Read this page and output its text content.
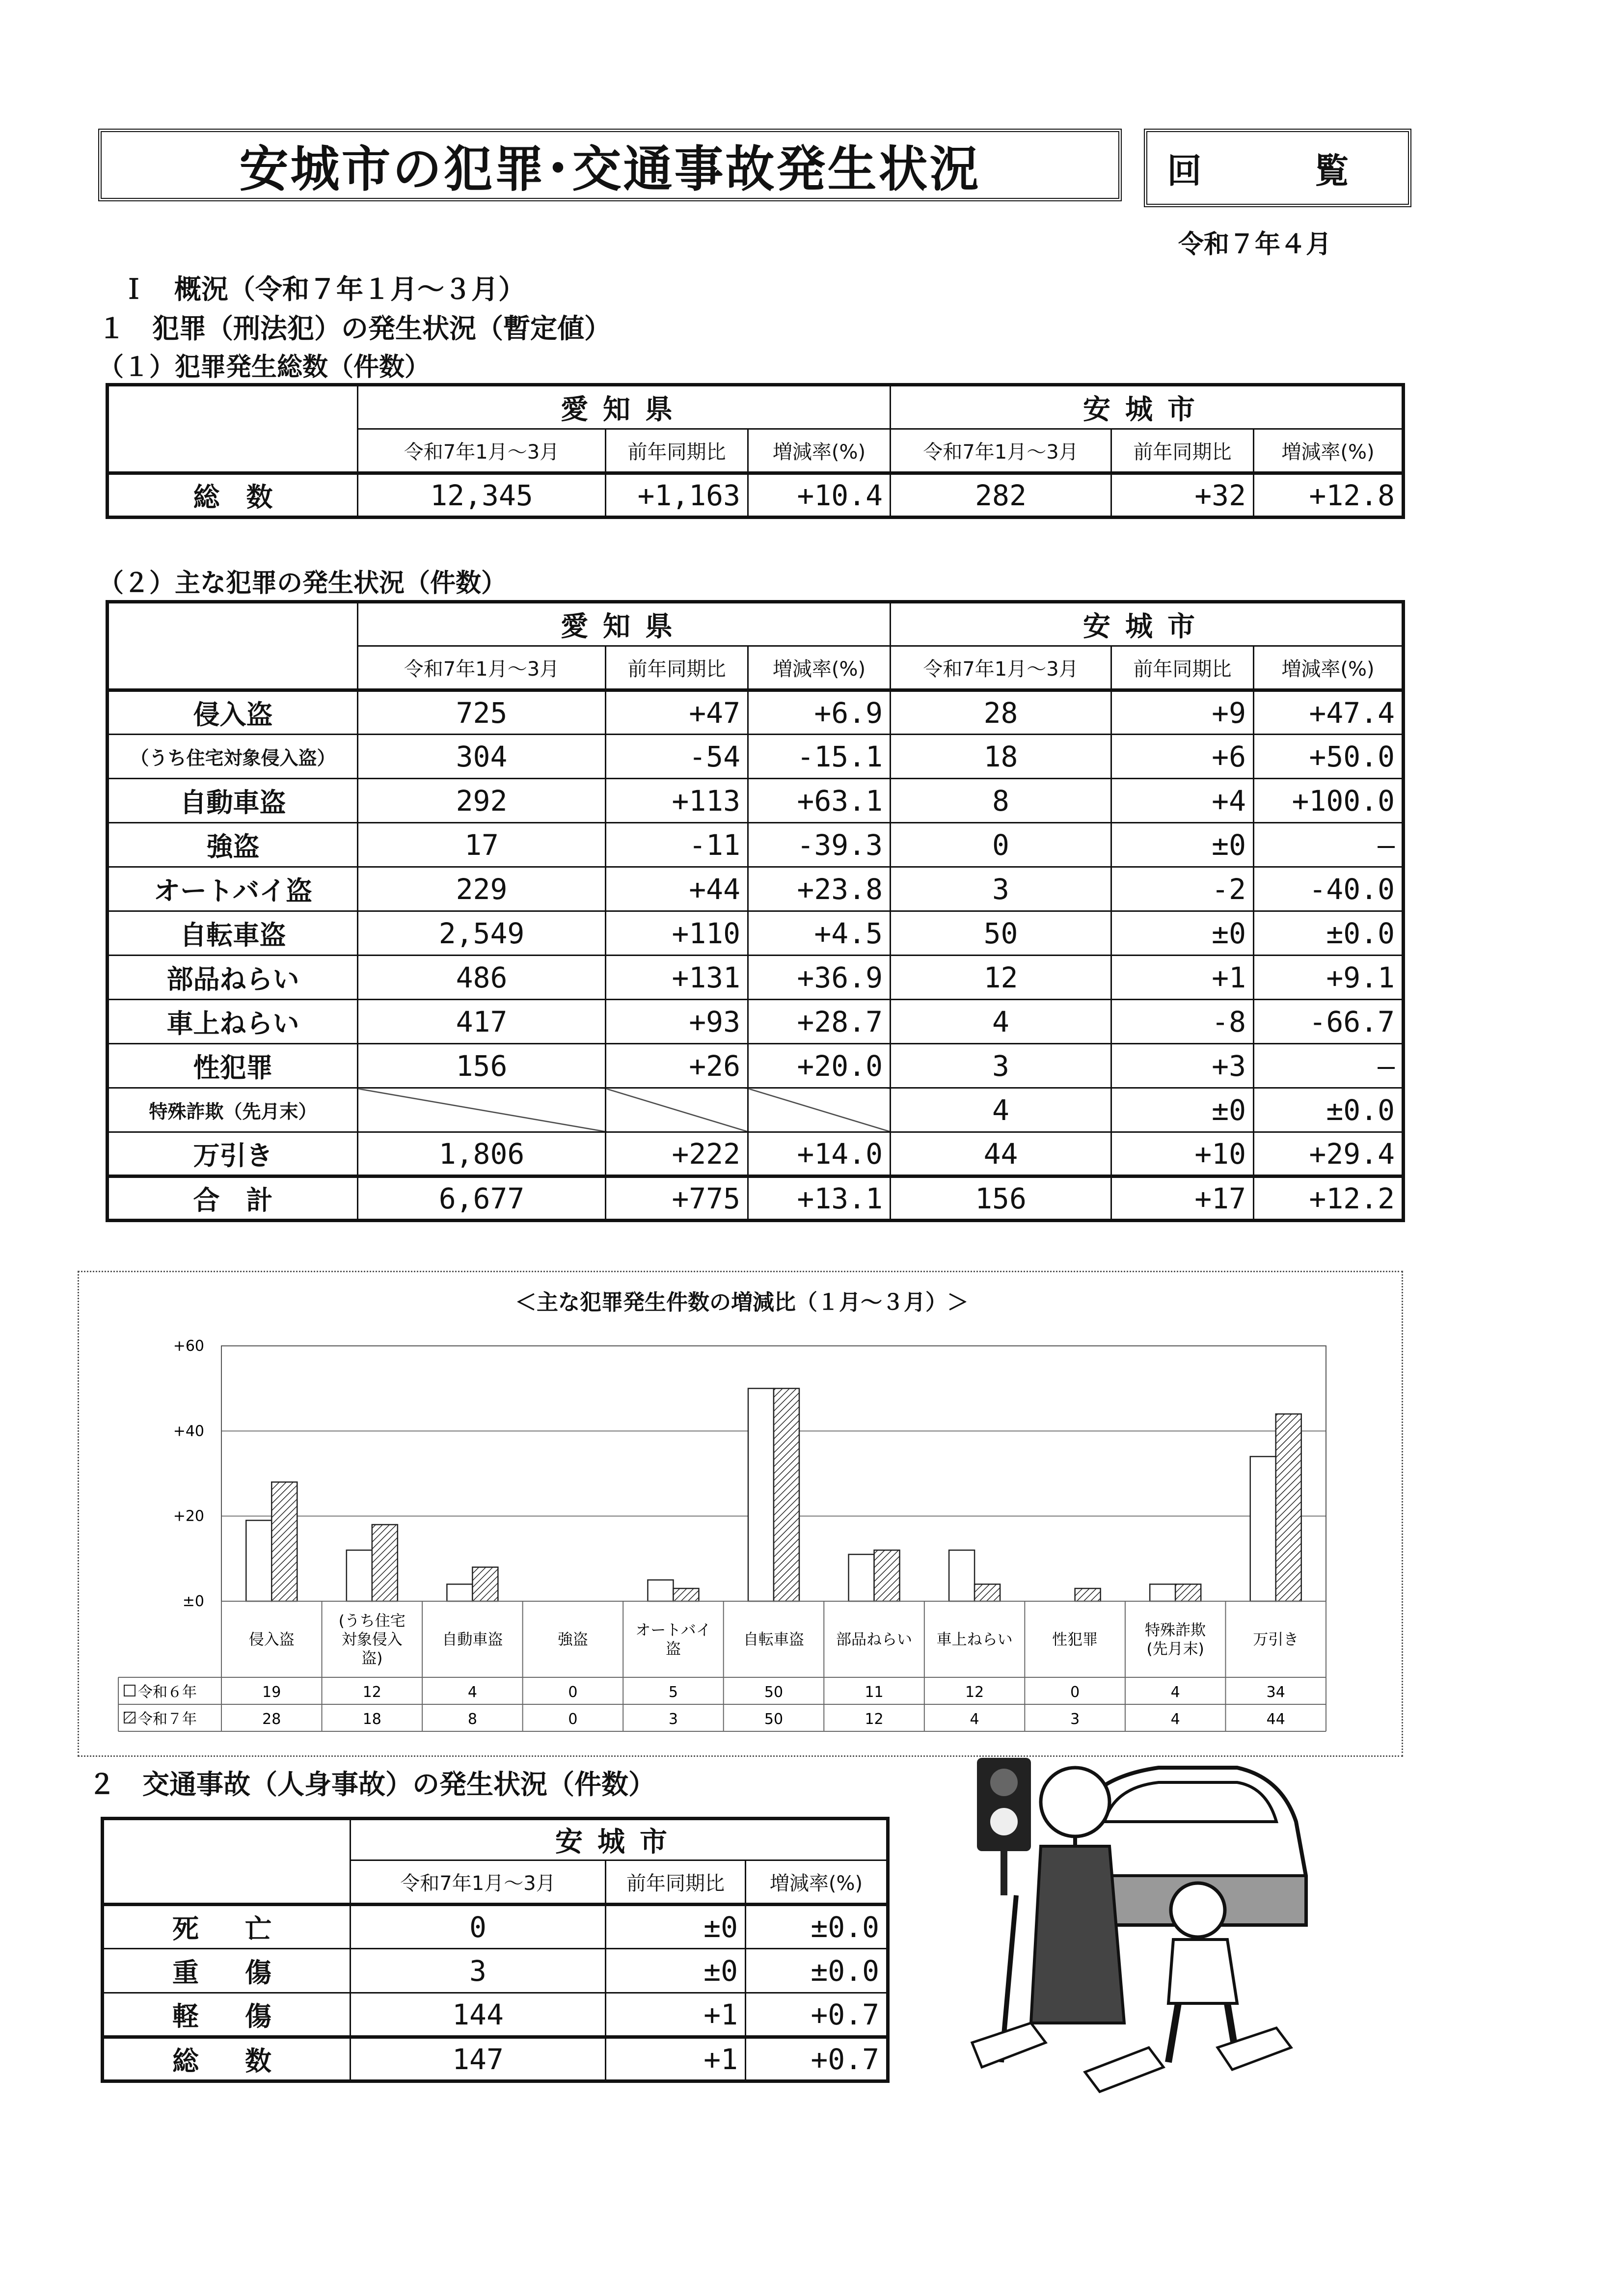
安城市の犯罪･交通事故発生状況	回　覧
令和７年４月
Ｉ　概況（令和７年１月～３月）
１　犯罪（刑法犯）の発生状況（暫定値）
（１）犯罪発生総数（件数）
	愛知県			安城市		
	令和7年1月～3月	前年同期比	増減率(%)	令和7年1月～3月	前年同期比	増減率(%)
総　数	12,345	+1,163	+10.4	282	+32	+12.8
（２）主な犯罪の発生状況（件数）
	愛知県			安城市		
	令和7年1月～3月	前年同期比	増減率(%)	令和7年1月～3月	前年同期比	増減率(%)
侵入盗	725	+47	+6.9	28	+9	+47.4
（うち住宅対象侵入盗）	304	-54	-15.1	18	+6	+50.0
自動車盗	292	+113	+63.1	8	+4	+100.0
強盗	17	-11	-39.3	0	±0	―
オートバイ盗	229	+44	+23.8	3	-2	-40.0
自転車盗	2,549	+110	+4.5	50	±0	±0.0
部品ねらい	486	+131	+36.9	12	+1	+9.1
車上ねらい	417	+93	+28.7	4	-8	-66.7
性犯罪	156	+26	+20.0	3	+3	―
特殊詐欺（先月末）				4	±0	±0.0
万引き	1,806	+222	+14.0	44	+10	+29.4
合　計	6,677	+775	+13.1	156	+17	+12.2
＜主な犯罪発生件数の増減比（１月～３月）＞
+60
+40
+20
±0
侵入盗
(うち住宅
対象侵入
盗)
自動車盗	強盗
オートバイ
盗
自転車盗 部品ねらい 車上ねらい	性犯罪
特殊詐欺
(先月末)
万引き
令和６年	19	12	4	0	5	50	11	12	0	4	34
令和７年	28	18	8	0	3	50	12	4	3	4	44
２　交通事故（人身事故）の発生状況（件数）
	安城市		
	令和7年1月～3月	前年同期比	増減率(%)
死　亡	0	±0	±0.0
重　傷	3	±0	±0.0
軽　傷	144	+1	+0.7
総　数	147	+1	+0.7
